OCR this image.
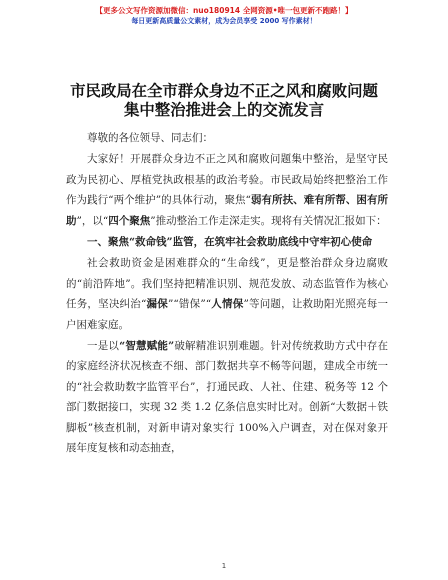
【更多公文写作资源加微信：nuo180914 全网资源•唯一包更新不跑路！】
每日更新高质量公文素材，成为会员享受 2000 写作素材！
市民政局在全市群众身边不正之风和腐败问题
集中整治推进会上的交流发言

尊敬的各位领导、同志们：

大家好！开展群众身边不正之风和腐败问题集中整治，是坚守民政为民初心、厚植党执政根基的政治考验。市民政局始终把整治工作作为践行“两个维护”的具体行动，聚焦“弱有所扶、难有所帮、困有所助”，以“四个聚焦”推动整治工作走深走实。现将有关情况汇报如下：

一、聚焦“救命钱”监管，在筑牢社会救助底线中守牢初心使命

社会救助资金是困难群众的“生命线”，更是整治群众身边腐败的“前沿阵地”。我们坚持把精准识别、规范发放、动态监管作为核心任务，坚决纠治“漏保”“错保”“人情保”等问题，让救助阳光照亮每一户困难家庭。

一是以“智慧赋能”破解精准识别难题。针对传统救助方式中存在的家庭经济状况核查不细、部门数据共享不畅等问题，建成全市统一的“社会救助数字监管平台”，打通民政、人社、住建、税务等 12 个部门数据接口，实现 32 类 1.2 亿条信息实时比对。创新“大数据＋铁脚板”核查机制，对新申请对象实行 100%入户调查，对在保对象开展年度复核和动态抽查，

1
